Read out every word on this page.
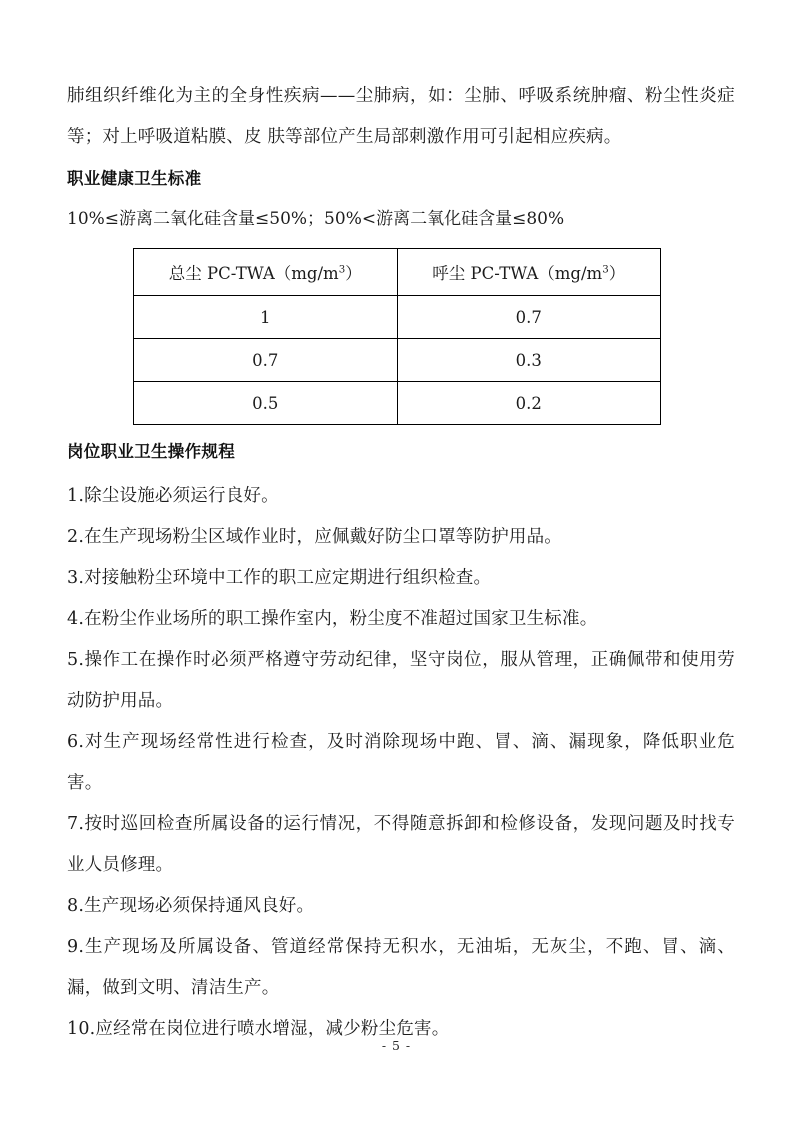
肺组织纤维化为主的全身性疾病——尘肺病，如：尘肺、呼吸系统肿瘤、粉尘性炎症等；对上呼吸道粘膜、皮 肤等部位产生局部刺激作用可引起相应疾病。

职业健康卫生标准

10%≤游离二氧化硅含量≤50%；50%<游离二氧化硅含量≤80%

总尘 $PC-TWA(mg/m^3)$	呼尘 $PC-TWA(mg/m^3)$
1	0.7
0.7	0.3
0.5	0.2
岗位职业卫生操作规程

1.除尘设施必须运行良好。

2.在生产现场粉尘区域作业时，应佩戴好防尘口罩等防护用品。

3.对接触粉尘环境中工作的职工应定期进行组织检查。

4.在粉尘作业场所的职工操作室内，粉尘度不准超过国家卫生标准。

5.操作工在操作时必须严格遵守劳动纪律，坚守岗位，服从管理，正确佩带和使用劳动防护用品。

6.对生产现场经常性进行检查，及时消除现场中跑、冒、滴、漏现象，降低职业危害。

7.按时巡回检查所属设备的运行情况，不得随意拆卸和检修设备，发现问题及时找专业人员修理。

8.生产现场必须保持通风良好。

9.生产现场及所属设备、管道经常保持无积水，无油垢，无灰尘，不跑、冒、滴、漏，做到文明、清洁生产。

10.应经常在岗位进行喷水增湿，减少粉尘危害。

- 5 -
